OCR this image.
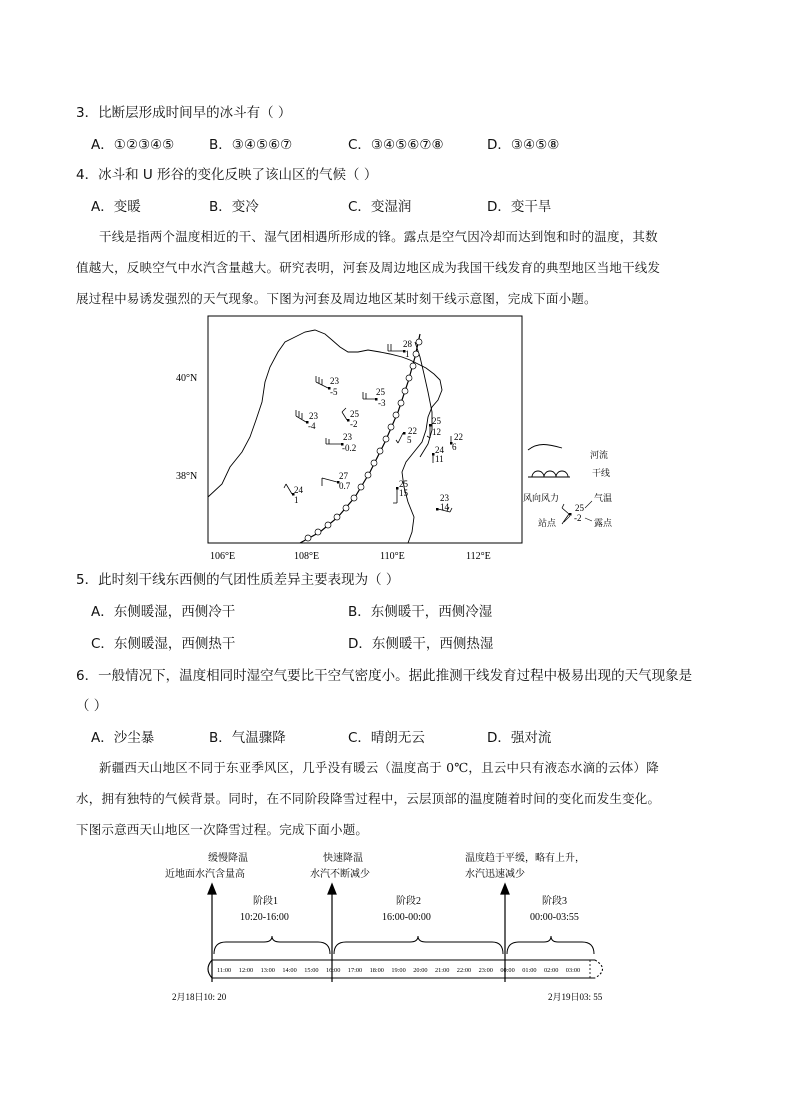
3．比断层形成时间早的冰斗有（ ）
A．①②③④⑤	B．③④⑤⑥⑦	C．③④⑤⑥⑦⑧	D．③④⑤⑧
4．冰斗和 U 形谷的变化反映了该山区的气候（ ）
A．变暖	B．变冷	C．变湿润	D．变干旱
干线是指两个温度相近的干、湿气团相遇所形成的锋。露点是空气因冷却而达到饱和时的温度，其数
值越大，反映空气中水汽含量越大。研究表明，河套及周边地区成为我国干线发育的典型地区当地干线发
展过程中易诱发强烈的天气现象。下图为河套及周边地区某时刻干线示意图，完成下面小题。
40°N
38°N
106°E	108°E	110°E	112°E
28
1
23
-5	25
-3
23
-4
25
-2
23
-0.2
27
0.7
24
1
22
5
25
12 22
6
24
11
25
15	23
14
河流
干线
风向风力	气温
25
-2
站点	露点
5．此时刻干线东西侧的气团性质差异主要表现为（ ）
A．东侧暖湿，西侧冷干	B．东侧暖干，西侧冷湿
C．东侧暖湿，西侧热干	D．东侧暖干，西侧热湿
6．一般情况下，温度相同时湿空气要比干空气密度小。据此推测干线发育过程中极易出现的天气现象是
（ ）
A．沙尘暴	B．气温骤降	C．晴朗无云	D．强对流
新疆西天山地区不同于东亚季风区，几乎没有暖云（温度高于 0℃，且云中只有液态水滴的云体）降
水，拥有独特的气候背景。同时，在不同阶段降雪过程中，云层顶部的温度随着时间的变化而发生变化。
下图示意西天山地区一次降雪过程。完成下面小题。
缓慢降温
近地面水汽含量高
快速降温
水汽不断减少
温度趋于平缓，略有上升，
水汽迅速减少
阶段1
10:20-16:00
阶段2
16:00-00:00
阶段3
00:00-03:55
11:00 12:00 13:00 14:00 15:00 16:00 17:00 18:00 19:00 20:00 21:00 22:00 23:00 00:00 01:00 02:00 03:00
2月18日10: 20	2月19日03: 55
